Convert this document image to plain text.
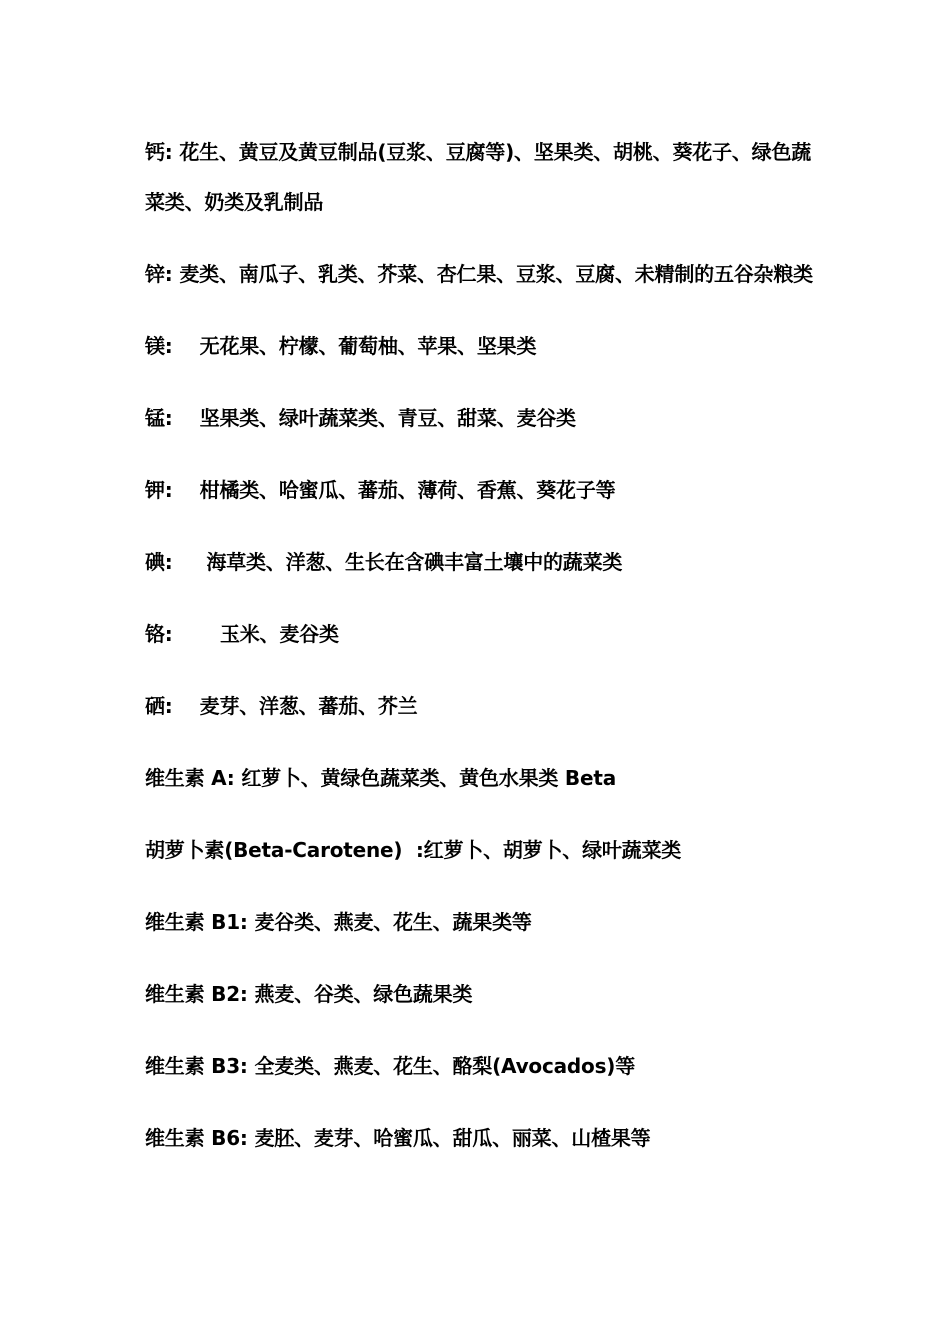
钙: 花生、黄豆及黄豆制品(豆浆、豆腐等)、坚果类、胡桃、葵花子、绿色蔬菜类、奶类及乳制品

锌: 麦类、南瓜子、乳类、芥菜、杏仁果、豆浆、豆腐、未精制的五谷杂粮类

镁:    无花果、柠檬、葡萄柚、苹果、坚果类

锰:    坚果类、绿叶蔬菜类、青豆、甜菜、麦谷类

钾:    柑橘类、哈蜜瓜、蕃茄、薄荷、香蕉、葵花子等

碘:     海草类、洋葱、生长在含碘丰富土壤中的蔬菜类

铬:       玉米、麦谷类

硒:    麦芽、洋葱、蕃茄、芥兰

维生素 A: 红萝卜、黄绿色蔬菜类、黄色水果类 Beta

胡萝卜素(Beta-Carotene)  :红萝卜、胡萝卜、绿叶蔬菜类

维生素 B1: 麦谷类、燕麦、花生、蔬果类等

维生素 B2: 燕麦、谷类、绿色蔬果类

维生素 B3: 全麦类、燕麦、花生、酪梨(Avocados)等

维生素 B6: 麦胚、麦芽、哈蜜瓜、甜瓜、丽菜、山楂果等
